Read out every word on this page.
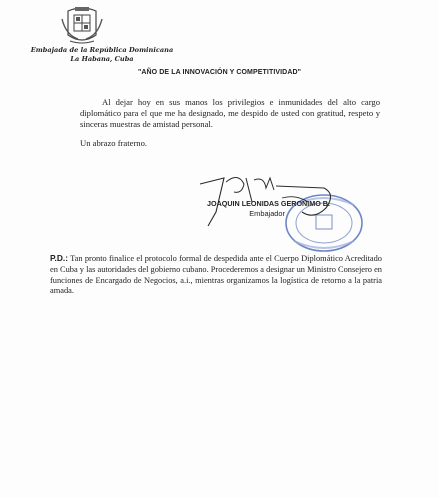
Embajada de la República Dominicana
La Habana, Cuba
"AÑO DE LA INNOVACIÓN Y COMPETITIVIDAD"
Al dejar hoy en sus manos los privilegios e inmunidades del alto cargo diplomático para el que me ha designado, me despido de usted con gratitud, respeto y sinceras muestras de amistad personal.
Un abrazo fraterno.
JOAQUIN LEONIDAS GERONIMO B.
Embajador
P.D.: Tan pronto finalice el protocolo formal de despedida ante el Cuerpo Diplomático Acreditado en Cuba y las autoridades del gobierno cubano. Procederemos a designar un Ministro Consejero en funciones de Encargado de Negocios, a.i., mientras organizamos la logística de retorno a la patria amada.
